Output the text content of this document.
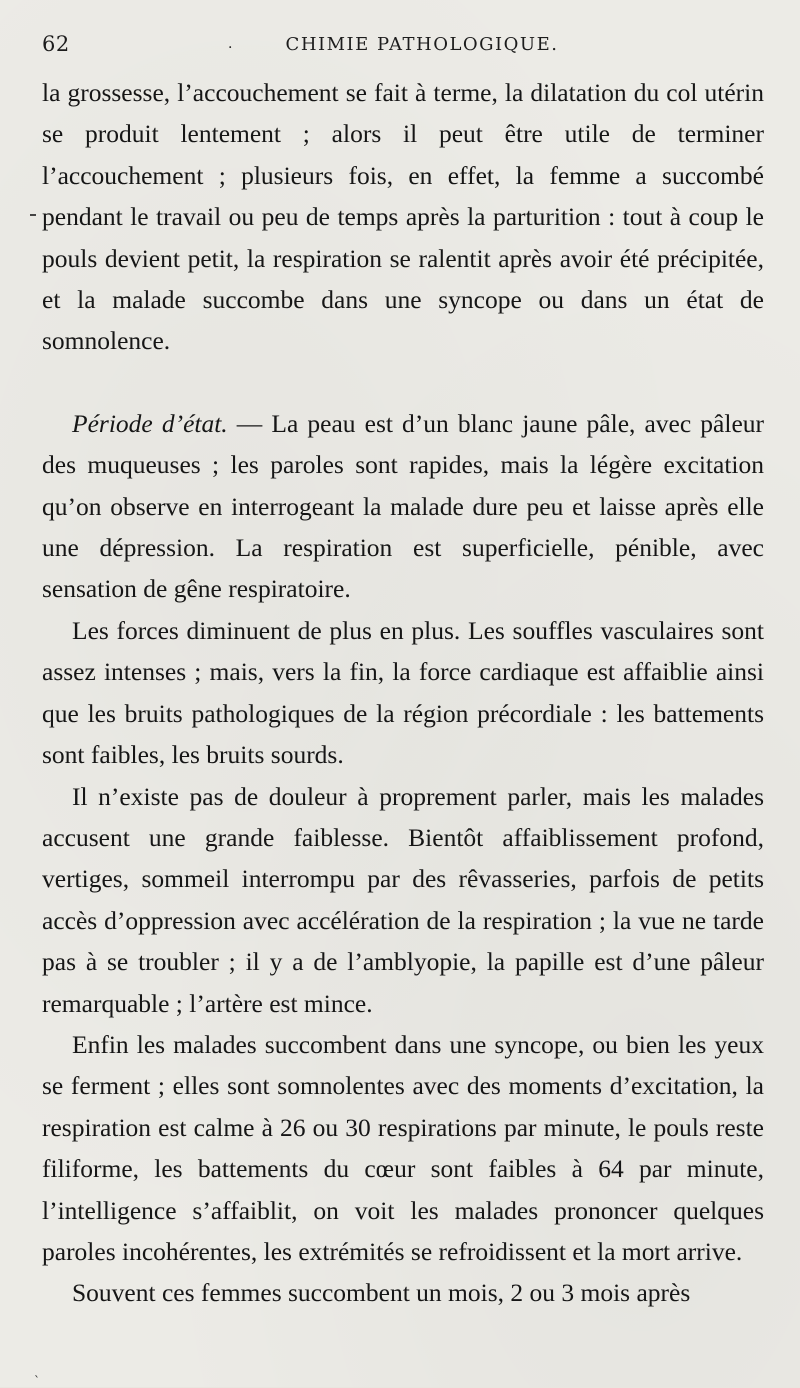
62	·	CHIMIE PATHOLOGIQUE.

la grossesse, l’accouchement se fait à terme, la dilatation du col utérin se produit lentement ; alors il peut être utile de terminer l’accouchement ; plusieurs fois, en effet, la femme a succombé pendant le travail ou peu de temps après la parturition : tout à coup le pouls devient petit, la respiration se ralentit après avoir été précipitée, et la malade succombe dans une syncope ou dans un état de somnolence.

Période d’état. — La peau est d’un blanc jaune pâle, avec pâleur des muqueuses ; les paroles sont rapides, mais la légère excitation qu’on observe en interrogeant la malade dure peu et laisse après elle une dépression. La respiration est superficielle, pénible, avec sensation de gêne respiratoire.

Les forces diminuent de plus en plus. Les souffles vasculaires sont assez intenses ; mais, vers la fin, la force cardiaque est affaiblie ainsi que les bruits pathologiques de la région précordiale : les battements sont faibles, les bruits sourds.

Il n’existe pas de douleur à proprement parler, mais les malades accusent une grande faiblesse. Bientôt affaiblissement profond, vertiges, sommeil interrompu par des rêvasseries, parfois de petits accès d’oppression avec accélération de la respiration ; la vue ne tarde pas à se troubler ; il y a de l’amblyopie, la papille est d’une pâleur remarquable ; l’artère est mince.

Enfin les malades succombent dans une syncope, ou bien les yeux se ferment ; elles sont somnolentes avec des moments d’excitation, la respiration est calme à 26 ou 30 respirations par minute, le pouls reste filiforme, les battements du cœur sont faibles à 64 par minute, l’intelligence s’affaiblit, on voit les malades prononcer quelques paroles incohérentes, les extrémités se refroidissent et la mort arrive.

Souvent ces femmes succombent un mois, 2 ou 3 mois après

`
